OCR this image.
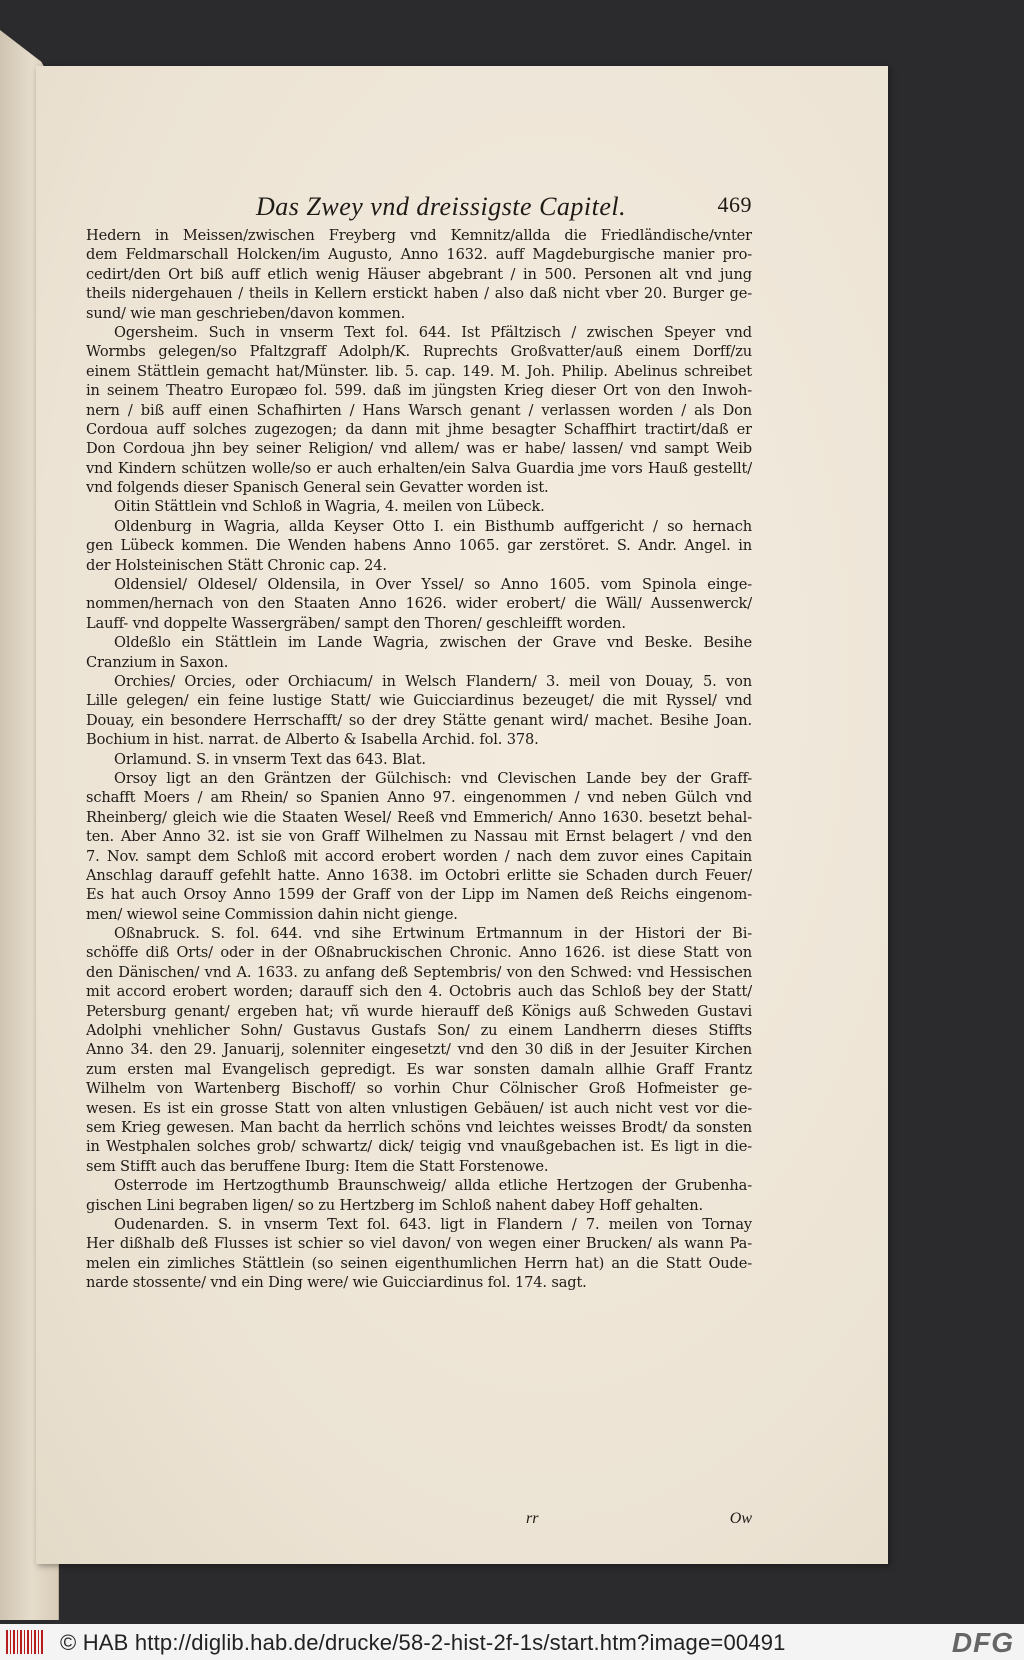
Das Zwey vnd dreissigste Capitel.	469
Hedern in Meissen/zwischen Freyberg vnd Kemnitz/allda die Friedländische/vnter
dem Feldmarschall Holcken/im Augusto, Anno 1632. auff Magdeburgische manier pro-
cedirt/den Ort biß auff etlich wenig Häuser abgebrant / in 500. Personen alt vnd jung
theils nidergehauen / theils in Kellern erstickt haben / also daß nicht vber 20. Burger ge-
sund/ wie man geschrieben/davon kommen.
Ogersheim. Such in vnserm Text fol. 644. Ist Pfältzisch / zwischen Speyer vnd
Wormbs gelegen/so Pfaltzgraff Adolph/K. Ruprechts Großvatter/auß einem Dorff/zu
einem Stättlein gemacht hat/Münster. lib. 5. cap. 149. M. Joh. Philip. Abelinus schreibet
in seinem Theatro Europæo fol. 599. daß im jüngsten Krieg dieser Ort von den Inwoh-
nern / biß auff einen Schafhirten / Hans Warsch genant / verlassen worden / als Don
Cordoua auff solches zugezogen; da dann mit jhme besagter Schaffhirt tractirt/daß er
Don Cordoua jhn bey seiner Religion/ vnd allem/ was er habe/ lassen/ vnd sampt Weib
vnd Kindern schützen wolle/so er auch erhalten/ein Salva Guardia jme vors Hauß gestellt/
vnd folgends dieser Spanisch General sein Gevatter worden ist.
Oitin Stättlein vnd Schloß in Wagria, 4. meilen von Lübeck.
Oldenburg in Wagria, allda Keyser Otto I. ein Bisthumb auffgericht / so hernach
gen Lübeck kommen. Die Wenden habens Anno 1065. gar zerstöret. S. Andr. Angel. in
der Holsteinischen Stätt Chronic cap. 24.
Oldensiel/ Oldesel/ Oldensila, in Over Yssel/ so Anno 1605. vom Spinola einge-
nommen/hernach von den Staaten Anno 1626. wider erobert/ die Wäll/ Aussenwerck/
Lauff- vnd doppelte Wassergräben/ sampt den Thoren/ geschleifft worden.
Oldeßlo ein Stättlein im Lande Wagria, zwischen der Grave vnd Beske. Besihe
Cranzium in Saxon.
Orchies/ Orcies, oder Orchiacum/ in Welsch Flandern/ 3. meil von Douay, 5. von
Lille gelegen/ ein feine lustige Statt/ wie Guicciardinus bezeuget/ die mit Ryssel/ vnd
Douay, ein besondere Herrschafft/ so der drey Stätte genant wird/ machet. Besihe Joan.
Bochium in hist. narrat. de Alberto & Isabella Archid. fol. 378.
Orlamund. S. in vnserm Text das 643. Blat.
Orsoy ligt an den Gräntzen der Gülchisch: vnd Clevischen Lande bey der Graff-
schafft Moers / am Rhein/ so Spanien Anno 97. eingenommen / vnd neben Gülch vnd
Rheinberg/ gleich wie die Staaten Wesel/ Reeß vnd Emmerich/ Anno 1630. besetzt behal-
ten. Aber Anno 32. ist sie von Graff Wilhelmen zu Nassau mit Ernst belagert / vnd den
7. Nov. sampt dem Schloß mit accord erobert worden / nach dem zuvor eines Capitain
Anschlag darauff gefehlt hatte. Anno 1638. im Octobri erlitte sie Schaden durch Feuer/
Es hat auch Orsoy Anno 1599 der Graff von der Lipp im Namen deß Reichs eingenom-
men/ wiewol seine Commission dahin nicht gienge.
Oßnabruck. S. fol. 644. vnd sihe Ertwinum Ertmannum in der Histori der Bi-
schöffe diß Orts/ oder in der Oßnabruckischen Chronic. Anno 1626. ist diese Statt von
den Dänischen/ vnd A. 1633. zu anfang deß Septembris/ von den Schwed: vnd Hessischen
mit accord erobert worden; darauff sich den 4. Octobris auch das Schloß bey der Statt/
Petersburg genant/ ergeben hat; vñ wurde hierauff deß Königs auß Schweden Gustavi
Adolphi vnehlicher Sohn/ Gustavus Gustafs Son/ zu einem Landherrn dieses Stiffts
Anno 34. den 29. Januarij, solenniter eingesetzt/ vnd den 30 diß in der Jesuiter Kirchen
zum ersten mal Evangelisch gepredigt. Es war sonsten damaln allhie Graff Frantz
Wilhelm von Wartenberg Bischoff/ so vorhin Chur Cölnischer Groß Hofmeister ge-
wesen. Es ist ein grosse Statt von alten vnlustigen Gebäuen/ ist auch nicht vest vor die-
sem Krieg gewesen. Man bacht da herrlich schöns vnd leichtes weisses Brodt/ da sonsten
in Westphalen solches grob/ schwartz/ dick/ teigig vnd vnaußgebachen ist. Es ligt in die-
sem Stifft auch das beruffene Iburg: Item die Statt Forstenowe.
Osterrode im Hertzogthumb Braunschweig/ allda etliche Hertzogen der Grubenha-
gischen Lini begraben ligen/ so zu Hertzberg im Schloß nahent dabey Hoff gehalten.
Oudenarden. S. in vnserm Text fol. 643. ligt in Flandern / 7. meilen von Tornay
Her dißhalb deß Flusses ist schier so viel davon/ von wegen einer Brucken/ als wann Pa-
melen ein zimliches Stättlein (so seinen eigenthumlichen Herrn hat) an die Statt Oude-
narde stossente/ vnd ein Ding were/ wie Guicciardinus fol. 174. sagt.
rr	Ow
© HAB http://diglib.hab.de/drucke/58-2-hist-2f-1s/start.htm?image=00491	DFG
